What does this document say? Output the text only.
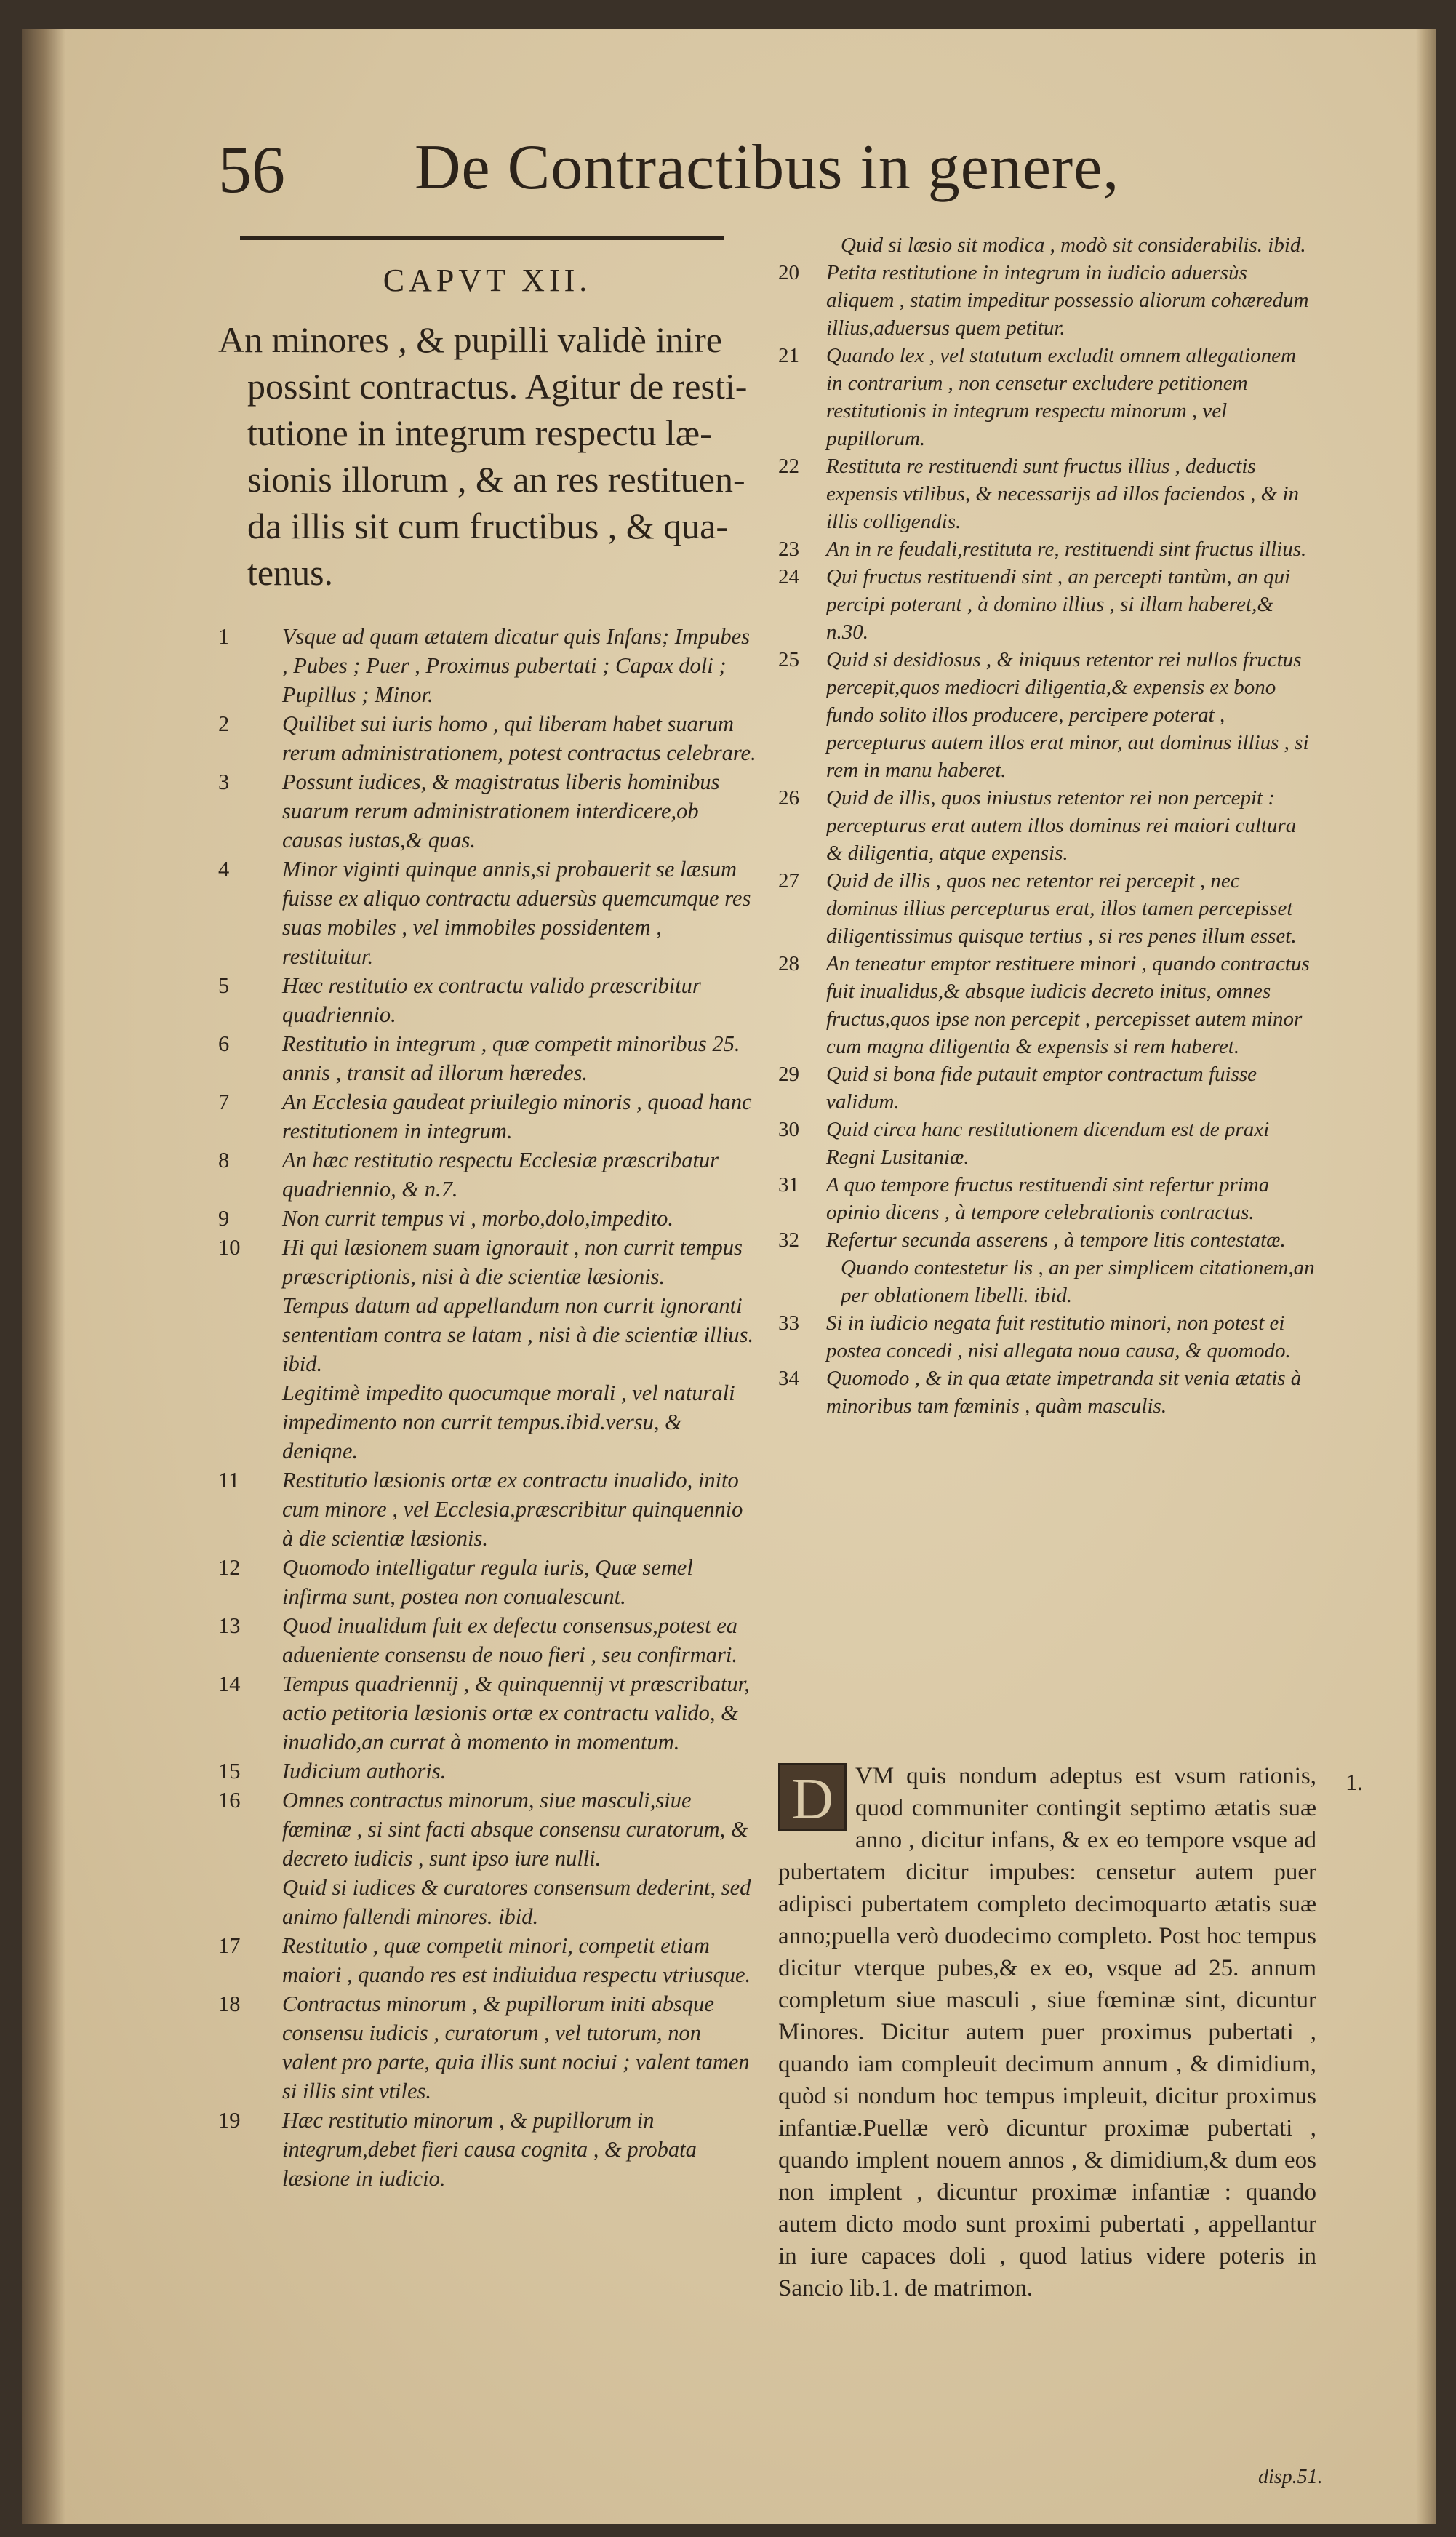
56 De Contractibus in genere,
CAPVT XII.
An minores , & pupilli validè inire
possint contractus. Agitur de resti-tutione in integrum respectu læ-sionis illorum , & an res restituen-da illis sit cum fructibus , & qua-tenus.
1	Vsque ad quam ætatem dicatur quis Infans; Impubes , Pubes ; Puer , Proximus pubertati ; Capax doli ; Pupillus ; Minor.
2	Quilibet sui iuris homo , qui liberam habet suarum rerum administrationem, potest contractus celebrare.
3	Possunt iudices, & magistratus liberis hominibus suarum rerum administrationem interdicere,ob causas iustas,& quas.
4	Minor viginti quinque annis,si probauerit se læsum fuisse ex aliquo contractu aduersùs quemcumque res suas mobiles , vel immobiles possidentem , restituitur.
5	Hæc restitutio ex contractu valido præscribitur quadriennio.
6	Restitutio in integrum , quæ competit minoribus 25. annis , transit ad illorum hæredes.
7	An Ecclesia gaudeat priuilegio minoris , quoad hanc restitutionem in integrum.
8	An hæc restitutio respectu Ecclesiæ præscribatur quadriennio, & n.7.
9	Non currit tempus vi , morbo,dolo,impedito.
10	Hi qui læsionem suam ignorauit , non currit tempus præscriptionis, nisi à die scientiæ læsionis.
Tempus datum ad appellandum non currit ignoranti sententiam contra se latam , nisi à die scientiæ illius. ibid.
Legitimè impedito quocumque morali , vel naturali impedimento non currit tempus.ibid.versu, & deniqne.
11	Restitutio læsionis ortæ ex contractu inualido, inito cum minore , vel Ecclesia,præscribitur quinquennio à die scientiæ læsionis.
12	Quomodo intelligatur regula iuris, Quæ semel infirma sunt, postea non conualescunt.
13	Quod inualidum fuit ex defectu consensus,potest ea adueniente consensu de nouo fieri , seu confirmari.
14	Tempus quadriennij , & quinquennij vt præscribatur, actio petitoria læsionis ortæ ex contractu valido, & inualido,an currat à momento in momentum.
15	Iudicium authoris.
16	Omnes contractus minorum, siue masculi,siue fœminæ , si sint facti absque consensu curatorum, & decreto iudicis , sunt ipso iure nulli.
Quid si iudices & curatores consensum dederint, sed animo fallendi minores. ibid.
17	Restitutio , quæ competit minori, competit etiam maiori , quando res est indiuidua respectu vtriusque.
18	Contractus minorum , & pupillorum initi absque consensu iudicis , curatorum , vel tutorum, non valent pro parte, quia illis sunt nociui ; valent tamen si illis sint vtiles.
19	Hæc restitutio minorum , & pupillorum in integrum,debet fieri causa cognita , & probata læsione in iudicio.
Quid si læsio sit modica , modò sit considerabilis. ibid.
20	Petita restitutione in integrum in iudicio aduersùs aliquem , statim impeditur possessio aliorum cohæredum illius,aduersus quem petitur.
21	Quando lex , vel statutum excludit omnem allegationem in contrarium , non censetur excludere petitionem restitutionis in integrum respectu minorum , vel pupillorum.
22	Restituta re restituendi sunt fructus illius , deductis expensis vtilibus, & necessarijs ad illos faciendos , & in illis colligendis.
23	An in re feudali,restituta re, restituendi sint fructus illius.
24	Qui fructus restituendi sint , an percepti tantùm, an qui percipi poterant , à domino illius , si illam haberet,& n.30.
25	Quid si desidiosus , & iniquus retentor rei nullos fructus percepit,quos mediocri diligentia,& expensis ex bono fundo solito illos producere, percipere poterat , percepturus autem illos erat minor, aut dominus illius , si rem in manu haberet.
26	Quid de illis, quos iniustus retentor rei non percepit : percepturus erat autem illos dominus rei maiori cultura & diligentia, atque expensis.
27	Quid de illis , quos nec retentor rei percepit , nec dominus illius percepturus erat, illos tamen percepisset diligentissimus quisque tertius , si res penes illum esset.
28	An teneatur emptor restituere minori , quando contractus fuit inualidus,& absque iudicis decreto initus, omnes fructus,quos ipse non percepit , percepisset autem minor cum magna diligentia & expensis si rem haberet.
29	Quid si bona fide putauit emptor contractum fuisse validum.
30	Quid circa hanc restitutionem dicendum est de praxi Regni Lusitaniæ.
31	A quo tempore fructus restituendi sint refertur prima opinio dicens , à tempore celebrationis contractus.
32	Refertur secunda asserens , à tempore litis contestatæ.
Quando contestetur lis , an per simplicem citationem,an per oblationem libelli. ibid.
33	Si in iudicio negata fuit restitutio minori, non potest ei postea concedi , nisi allegata noua causa, & quomodo.
34	Quomodo , & in qua ætate impetranda sit venia ætatis à minoribus tam fœminis , quàm masculis.
D VM quis nondum adeptus est vsum rationis, quod communiter contingit septimo ætatis suæ anno , dicitur infans, & ex eo tempore vsque ad pubertatem dicitur impubes: censetur autem puer adipisci pubertatem completo decimoquarto ætatis suæ anno;puella verò duodecimo completo. Post hoc tempus dicitur vterque pubes,& ex eo, vsque ad 25. annum completum siue masculi , siue fœminæ sint, dicuntur Minores. Dicitur autem puer proximus pubertati , quando iam compleuit decimum annum , & dimidium, quòd si nondum hoc tempus impleuit, dicitur proximus infantiæ.Puellæ verò dicuntur proximæ pubertati , quando implent nouem annos , & dimidium,& dum eos non implent , dicuntur proximæ infantiæ : quando autem dicto modo sunt proximi pubertati , appellantur in iure capaces doli , quod latius videre poteris in Sancio lib.1. de matrimon.
1.
disp.51.
